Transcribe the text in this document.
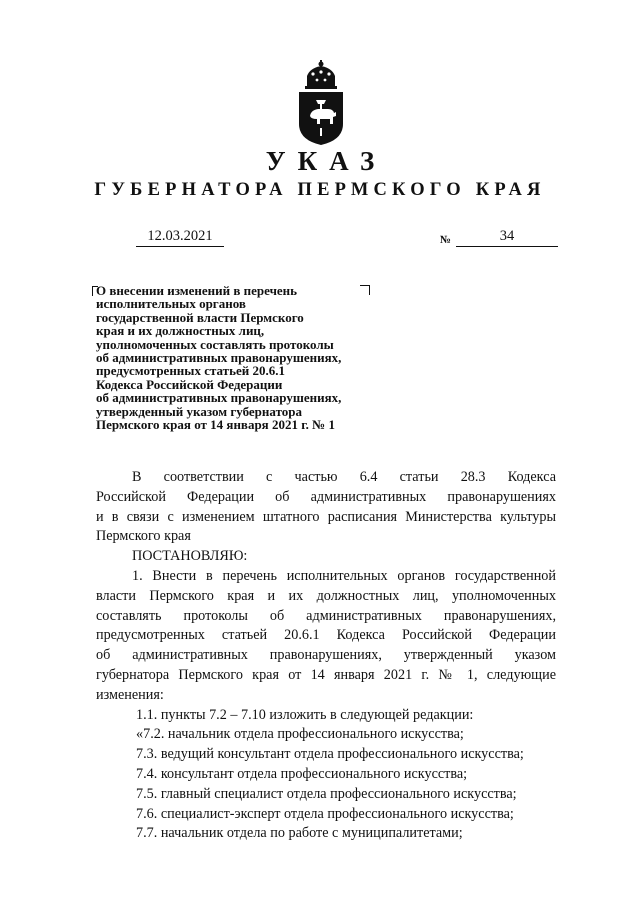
УКАЗ
ГУБЕРНАТОРА ПЕРМСКОГО КРАЯ
12.03.2021	№	34
О внесении изменений в перечень
исполнительных органов
государственной власти Пермского
края и их должностных лиц,
уполномоченных составлять протоколы
об административных правонарушениях,
предусмотренных статьей 20.6.1
Кодекса Российской Федерации
об административных правонарушениях,
утвержденный указом губернатора
Пермского края от 14 января 2021 г. № 1

В соответствии с частью 6.4 статьи 28.3 Кодекса

Российской Федерации об административных правонарушениях

и в связи с изменением штатного расписания Министерства культуры

Пермского края

ПОСТАНОВЛЯЮ:

1. Внести в перечень исполнительных органов государственной

власти Пермского края и их должностных лиц, уполномоченных

составлять протоколы об административных правонарушениях,

предусмотренных статьей 20.6.1 Кодекса Российской Федерации

об административных правонарушениях, утвержденный указом

губернатора Пермского края от 14 января 2021 г. № 1, следующие

изменения:

1.1. пункты 7.2 – 7.10 изложить в следующей редакции:

«7.2. начальник отдела профессионального искусства;

7.3. ведущий консультант отдела профессионального искусства;

7.4. консультант отдела профессионального искусства;

7.5. главный специалист отдела профессионального искусства;

7.6. специалист-эксперт отдела профессионального искусства;

7.7. начальник отдела по работе с муниципалитетами;
